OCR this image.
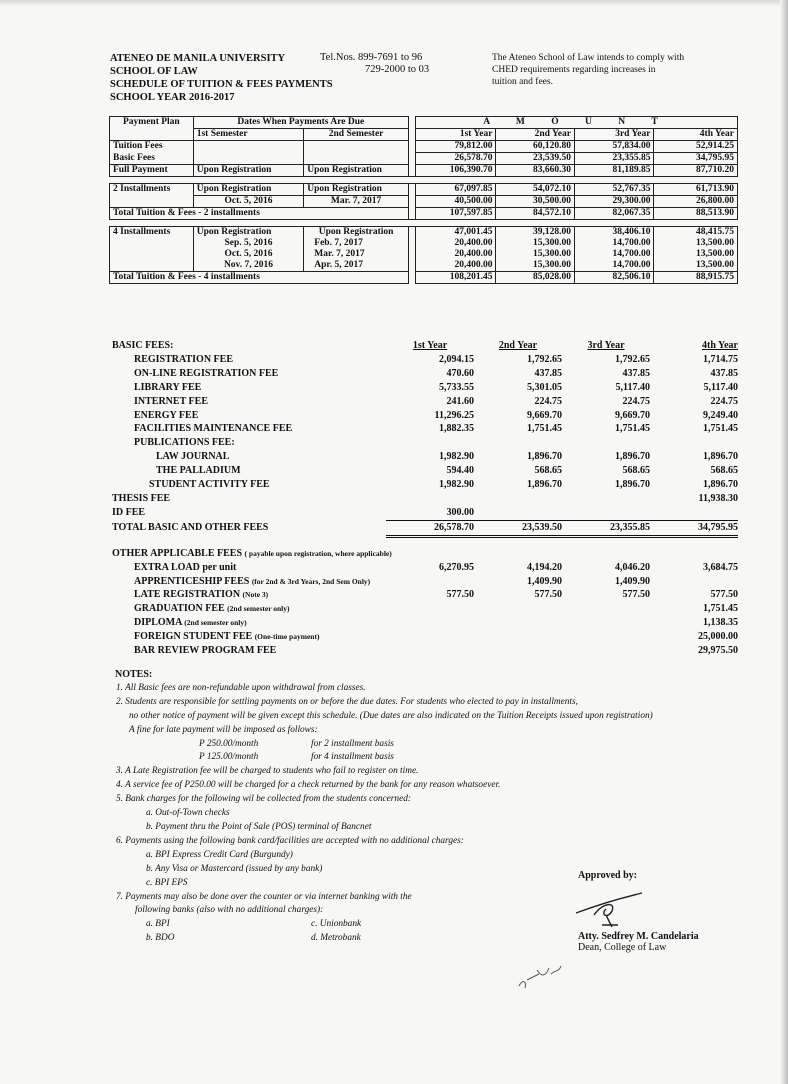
ATENEO DE MANILA UNIVERSITY
SCHOOL OF LAW
SCHEDULE OF TUITION & FEES PAYMENTS
SCHOOL YEAR 2016-2017
Tel.Nos. 899-7691 to 96
729-2000 to 03
The Ateneo School of Law intends to comply with
CHED requirements regarding increases in
tuition and fees.
Payment Plan	Dates When Payments Are Due			A M O U N T			
	1st Semester	2nd Semester		1st Year	2nd Year	3rd Year	4th Year
Tuition Fees				79,812.00	60,120.80	57,834.00	52,914.25
Basic Fees				26,578.70	23,539.50	23,355.85	34,795.95
Full Payment	Upon Registration	Upon Registration		106,390.70	83,660.30	81,189.85	87,710.20

2 Installments	Upon Registration	Upon Registration		67,097.85	54,072.10	52,767.35	61,713.90
	Oct. 5, 2016	Mar. 7, 2017		40,500.00	30,500.00	29,300.00	26,800.00
Total Tuition & Fees - 2 installments				107,597.85	84,572.10	82,067.35	88,513.90

4 Installments	Upon Registration	Upon Registration		47,001.45	39,128.00	38,406.10	48,415.75
	Sep. 5, 2016	Feb. 7, 2017		20,400.00	15,300.00	14,700.00	13,500.00
	Oct. 5, 2016	Mar. 7, 2017		20,400.00	15,300.00	14,700.00	13,500.00
	Nov. 7, 2016	Apr. 5, 2017		20,400.00	15,300.00	14,700.00	13,500.00
Total Tuition & Fees - 4 installments				108,201.45	85,028.00	82,506.10	88,915.75
BASIC FEES:	1st Year	2nd Year	3rd Year	4th Year
REGISTRATION FEE	2,094.15	1,792.65	1,792.65	1,714.75
ON-LINE REGISTRATION FEE	470.60	437.85	437.85	437.85
LIBRARY FEE	5,733.55	5,301.05	5,117.40	5,117.40
INTERNET FEE	241.60	224.75	224.75	224.75
ENERGY FEE	11,296.25	9,669.70	9,669.70	9,249.40
FACILITIES MAINTENANCE FEE	1,882.35	1,751.45	1,751.45	1,751.45
PUBLICATIONS FEE:				
LAW JOURNAL	1,982.90	1,896.70	1,896.70	1,896.70
THE PALLADIUM	594.40	568.65	568.65	568.65
STUDENT ACTIVITY FEE	1,982.90	1,896.70	1,896.70	1,896.70
THESIS FEE				11,938.30
ID FEE	300.00			
TOTAL BASIC AND OTHER FEES	26,578.70	23,539.50	23,355.85	34,795.95

OTHER APPLICABLE FEES ( payable upon registration, where applicable)				
EXTRA LOAD per unit	6,270.95	4,194.20	4,046.20	3,684.75
APPRENTICESHIP FEES (for 2nd & 3rd Years, 2nd Sem Only)		1,409.90	1,409.90	
LATE REGISTRATION (Note 3)	577.50	577.50	577.50	577.50
GRADUATION FEE (2nd semester only)				1,751.45
DIPLOMA (2nd semester only)				1,138.35
FOREIGN STUDENT FEE (One-time payment)				25,000.00
BAR REVIEW PROGRAM FEE				29,975.50
NOTES:
1. All Basic fees are non-refundable upon withdrawal from classes.
2. Students are responsible for settling payments on or before the due dates. For students who elected to pay in installments,
no other notice of payment will be given except this schedule. (Due dates are also indicated on the Tuition Receipts issued upon registration)
A fine for late payment will be imposed as follows:
P 250.00/month	for 2 installment basis
P 125.00/month	for 4 installment basis
3. A Late Registration fee will be charged to students who fail to register on time.
4. A service fee of P250.00 will be charged for a check returned by the bank for any reason whatsoever.
5. Bank charges for the following wil be collected from the students concerned:
a. Out-of-Town checks
b. Payment thru the Point of Sale (POS) terminal of Bancnet
6. Payments using the following bank card/facilities are accepted with no additional charges:
a. BPI Express Credit Card (Burgundy)
b. Any Visa or Mastercard (issued by any bank)
c. BPI EPS
7. Payments may also be done over the counter or via internet banking with the
following banks (also with no additional charges):
a. BPI	c. Unionbank
b. BDO	d. Metrobank
Approved by:
Atty. Sedfrey M. Candelaria
Dean, College of Law
